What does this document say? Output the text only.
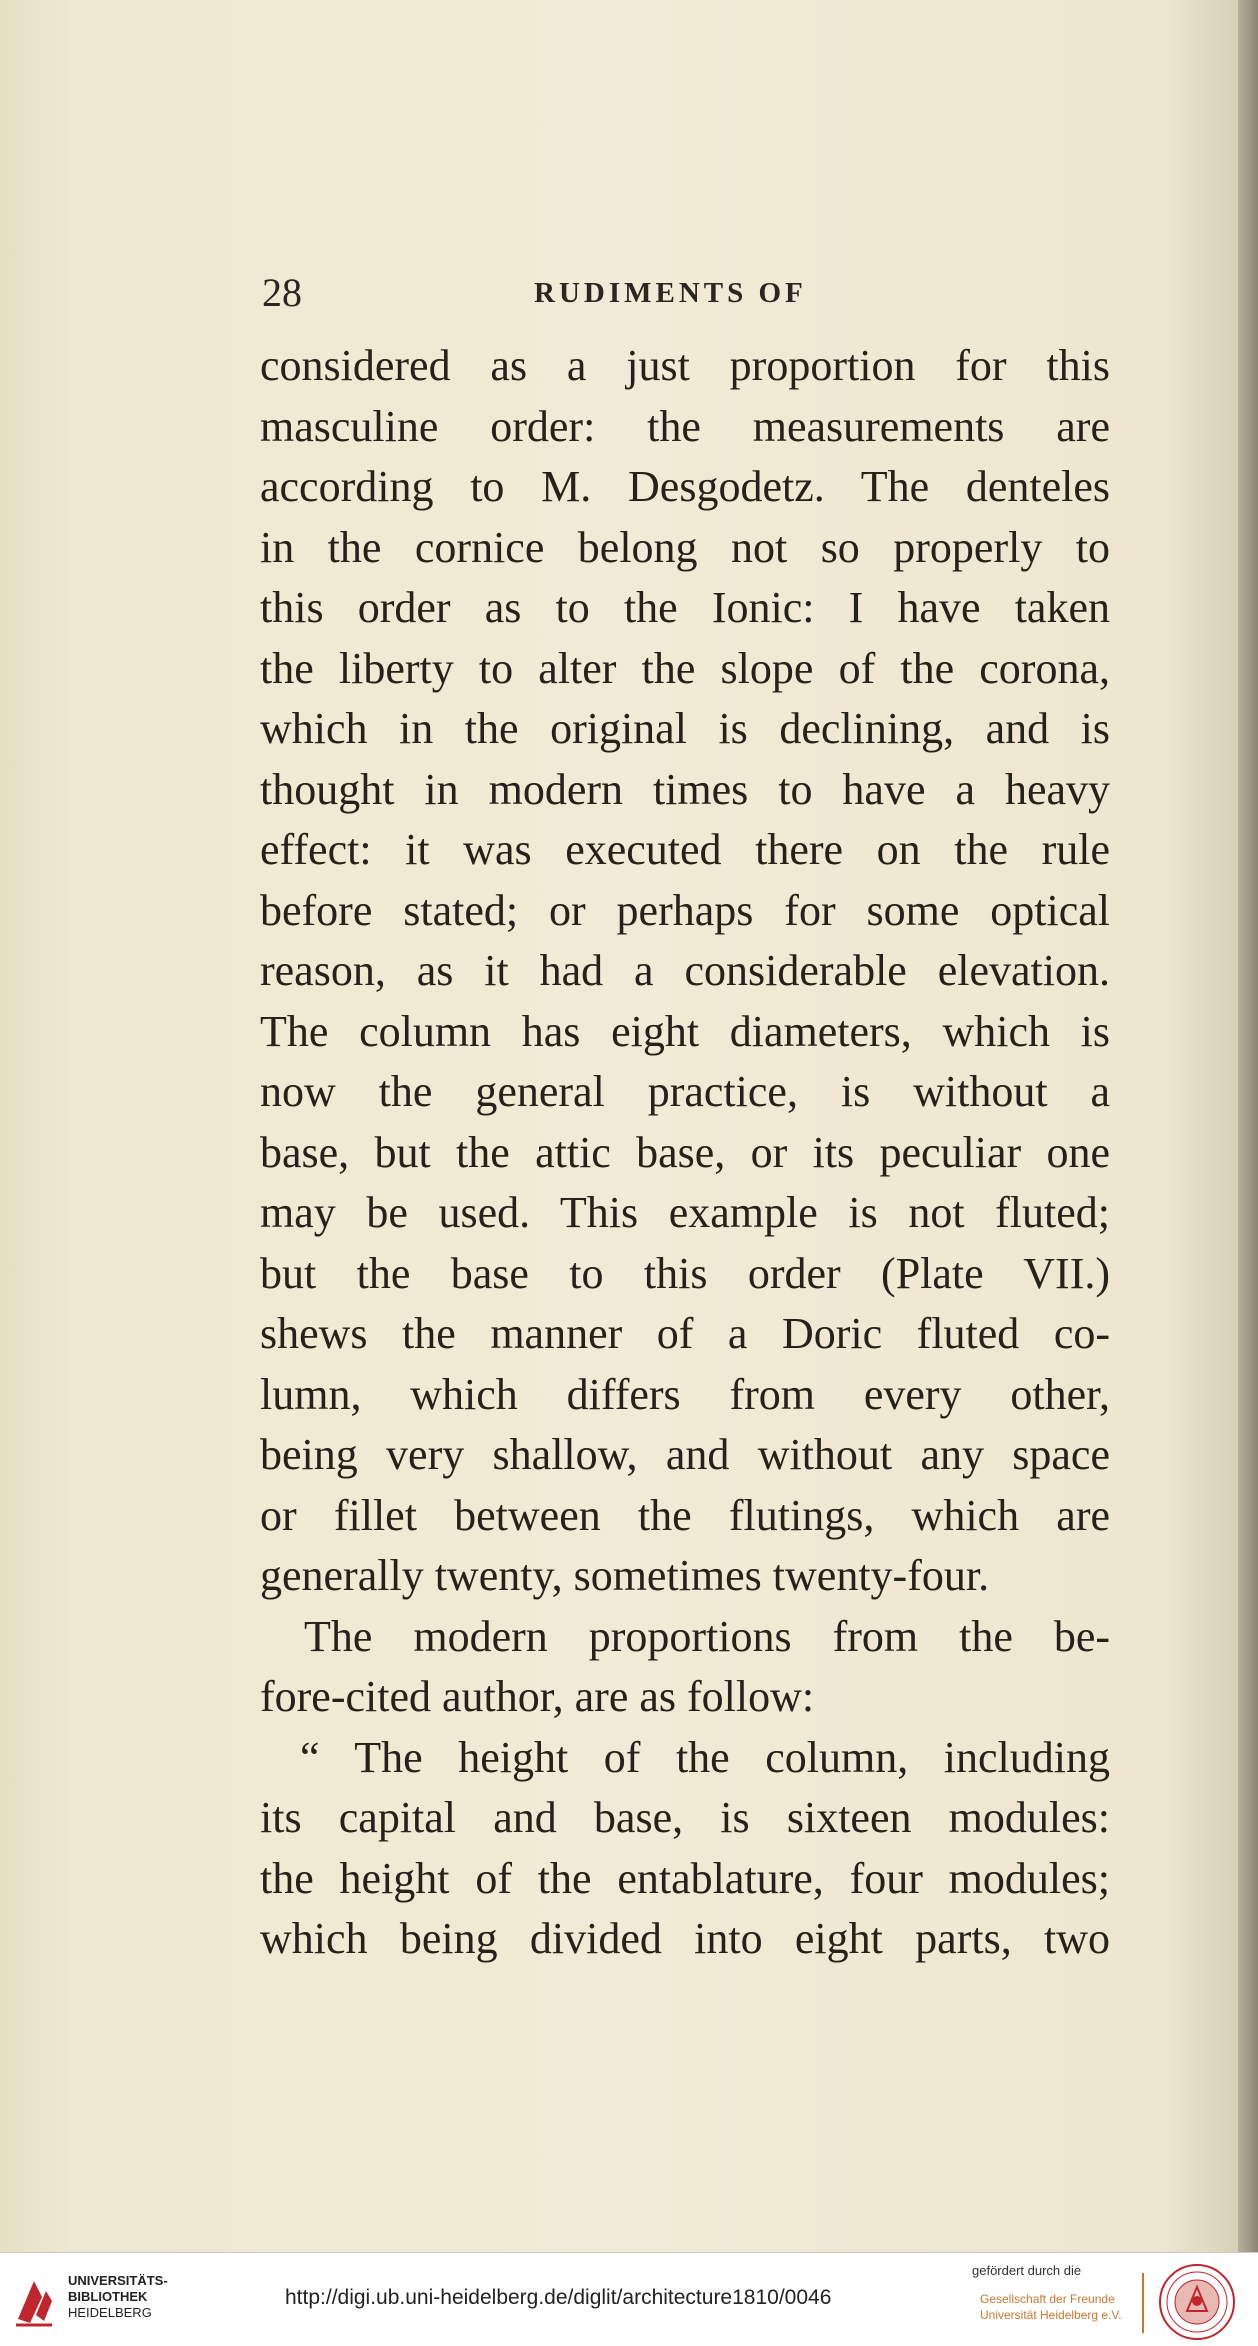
28	RUDIMENTS OF
considered as a just proportion for this
masculine order: the measurements are
according to M. Desgodetz. The denteles
in the cornice belong not so properly to
this order as to the Ionic: I have taken
the liberty to alter the slope of the corona,
which in the original is declining, and is
thought in modern times to have a heavy
effect: it was executed there on the rule
before stated; or perhaps for some optical
reason, as it had a considerable elevation.
The column has eight diameters, which is
now the general practice, is without a
base, but the attic base, or its peculiar one
may be used. This example is not fluted;
but the base to this order (Plate VII.)
shews the manner of a Doric fluted co-
lumn, which differs from every other,
being very shallow, and without any space
or fillet between the flutings, which are
generally twenty, sometimes twenty-four.
The modern proportions from the be-
fore-cited author, are as follow:
“ The height of the column, including
its capital and base, is sixteen modules:
the height of the entablature, four modules;
which being divided into eight parts, two
UNIVERSITÄTS-
BIBLIOTHEK
HEIDELBERG
http://digi.ub.uni-heidelberg.de/diglit/architecture1810/0046
gefördert durch die
Gesellschaft der Freunde
Universität Heidelberg e.V.
